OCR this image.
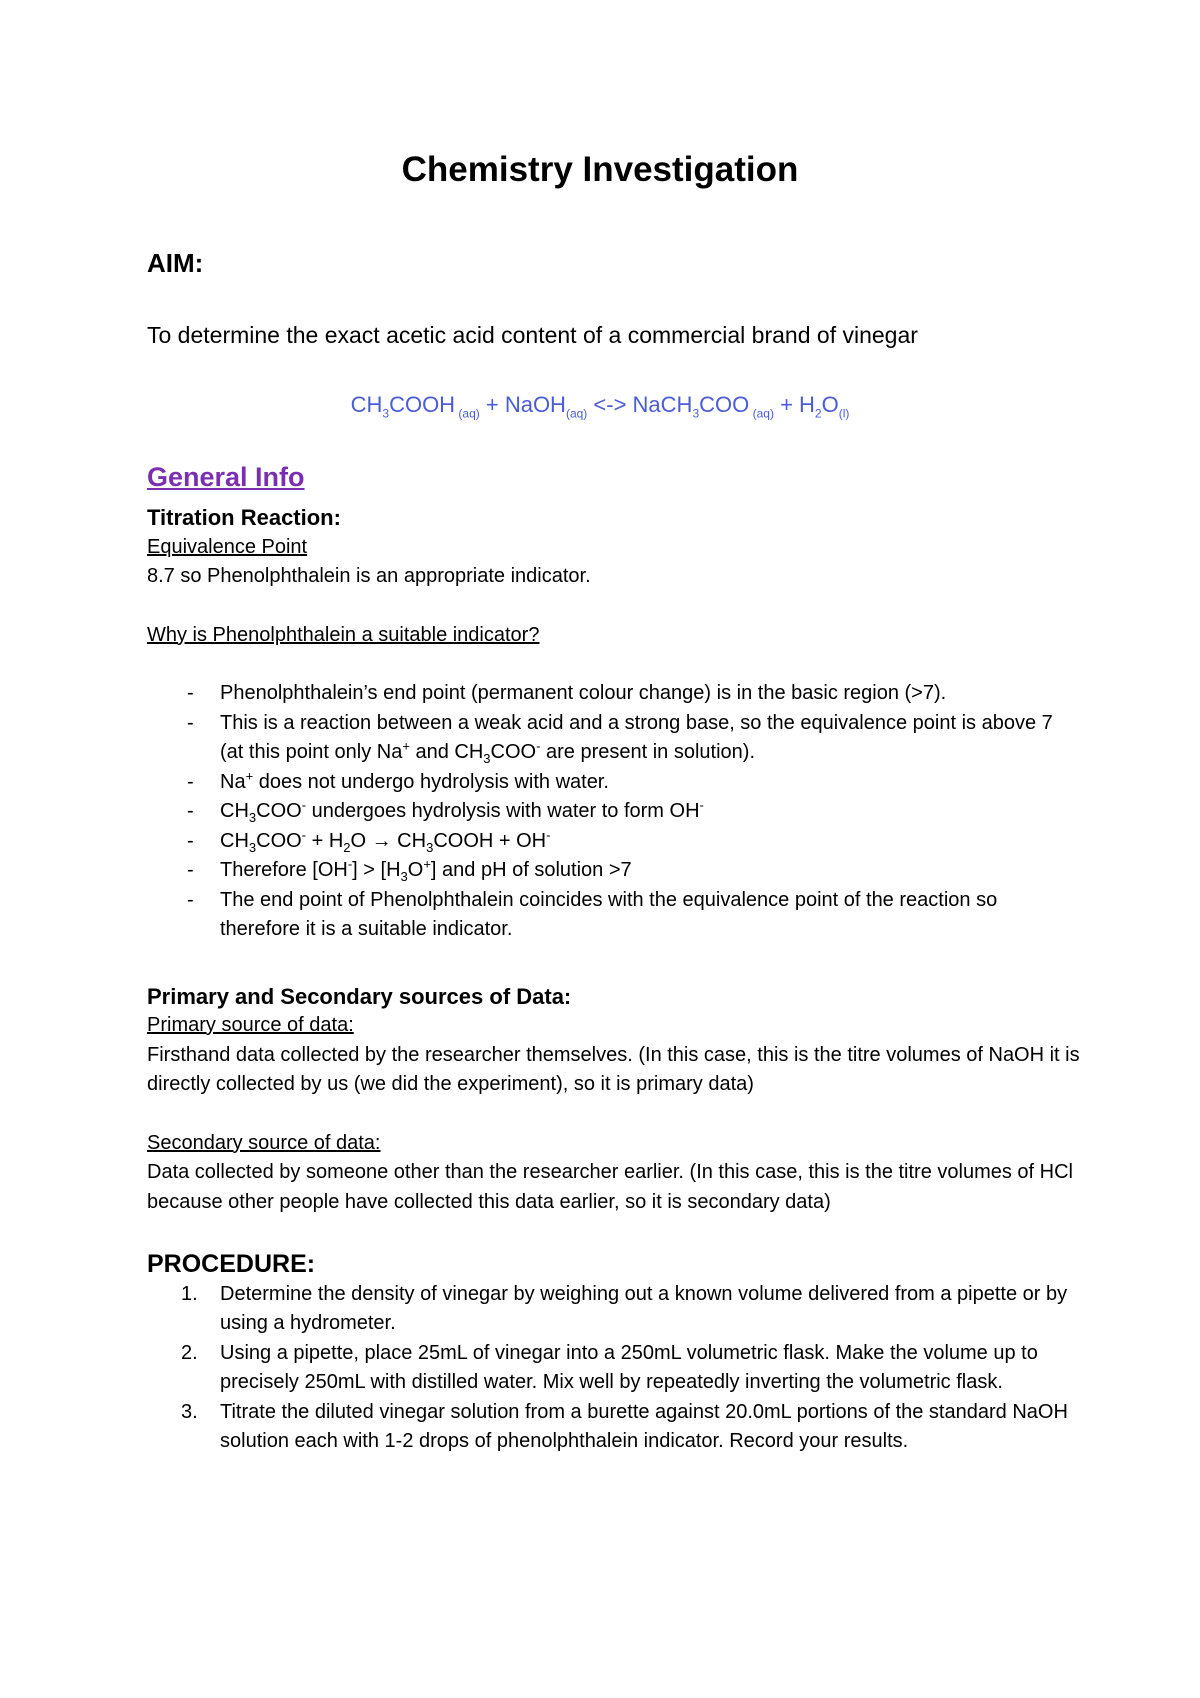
Chemistry Investigation
AIM:
To determine the exact acetic acid content of a commercial brand of vinegar
$CH_3COOH$ $_{(aq)}$ + NaOH$_{(aq)}$ <-> NaCH$_3$COO $_{(aq)} + H_2O_{(l)}$
General Info
Titration Reaction:
Equivalence Point
8.7 so Phenolphthalein is an appropriate indicator.
Why is Phenolphthalein a suitable indicator?
- Phenolphthalein’s end point (permanent colour change) is in the basic region (>7).
- This is a reaction between a weak acid and a strong base, so the equivalence point is above 7 (at this point only Na+ and $CH_3COO^-$ are present in solution).
- Na+ does not undergo hydrolysis with water.
- $CH_3COO^-$ undergoes hydrolysis with water to form OH-
- $CH_3COO^- + H_2O$ → $CH_3COOH + OH^-$
- Therefore $[OH^-] > [H_3O^+]$ and pH of solution >7
- The end point of Phenolphthalein coincides with the equivalence point of the reaction so therefore it is a suitable indicator.
Primary and Secondary sources of Data:
Primary source of data:
Firsthand data collected by the researcher themselves. (In this case, this is the titre volumes of NaOH it is directly collected by us (we did the experiment), so it is primary data)
Secondary source of data:
Data collected by someone other than the researcher earlier. (In this case, this is the titre volumes of HCl because other people have collected this data earlier, so it is secondary data)
PROCEDURE:
1. Determine the density of vinegar by weighing out a known volume delivered from a pipette or by using a hydrometer.
2. Using a pipette, place 25mL of vinegar into a 250mL volumetric flask. Make the volume up to precisely 250mL with distilled water. Mix well by repeatedly inverting the volumetric flask.
3. Titrate the diluted vinegar solution from a burette against 20.0mL portions of the standard NaOH solution each with 1-2 drops of phenolphthalein indicator. Record your results.
